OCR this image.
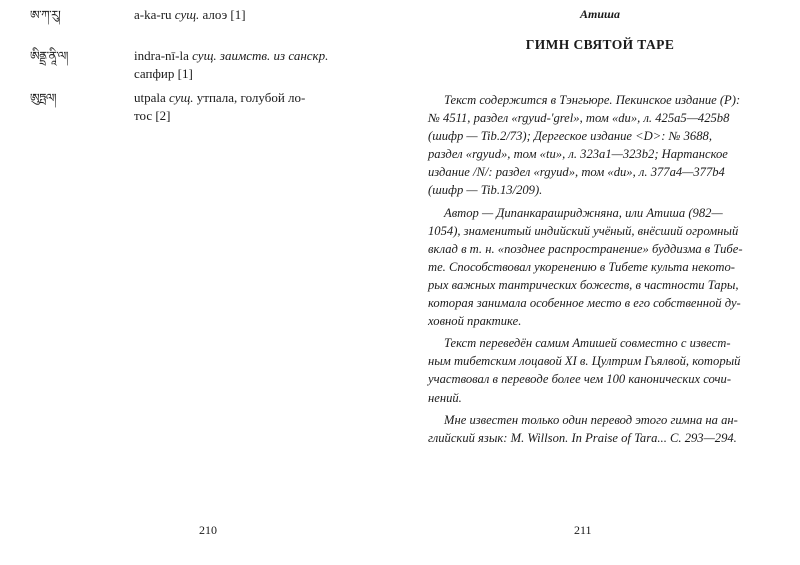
ཨ་ཀ་རུ།	a-ka-ru сущ. алоэ [1]
ཨིནྡྲ་ནཱི་ལ།	indra-nī-la сущ. заимств. из санскр.
сапфир [1]
ཨུཏྤལ།	utpala сущ. утпала, голубой ло-
тос [2]
210
Атиша
ГИМН СВЯТОЙ ТАРЕ
Текст содержится в Тэнгьюре. Пекинское издание (P):
№ 4511, раздел «rgyud-'grel», том «du», л. 425a5—425b8
(шифр — Tib.2/73); Дергеское издание <D>: № 3688,
раздел «rgyud», том «tu», л. 323a1—323b2; Нартанское
издание /N/: раздел «rgyud», том «du», л. 377a4—377b4
(шифр — Tib.13/209).
Автор — Дипанкарашриджняна, или Атиша (982—
1054), знаменитый индийский учёный, внёсший огромный
вклад в т. н. «позднее распространение» буддизма в Тибе-
те. Способствовал укоренению в Тибете культа некото-
рых важных тантрических божеств, в частности Тары,
которая занимала особенное место в его собственной ду-
ховной практике.
Текст переведён самим Атишей совместно с извест-
ным тибетским лоцавой XI в. Цултрим Гьялвой, который
участвовал в переводе более чем 100 канонических сочи-
нений.
Мне известен только один перевод этого гимна на ан-
глийский язык: M. Willson. In Praise of Tara... С. 293—294.
211
